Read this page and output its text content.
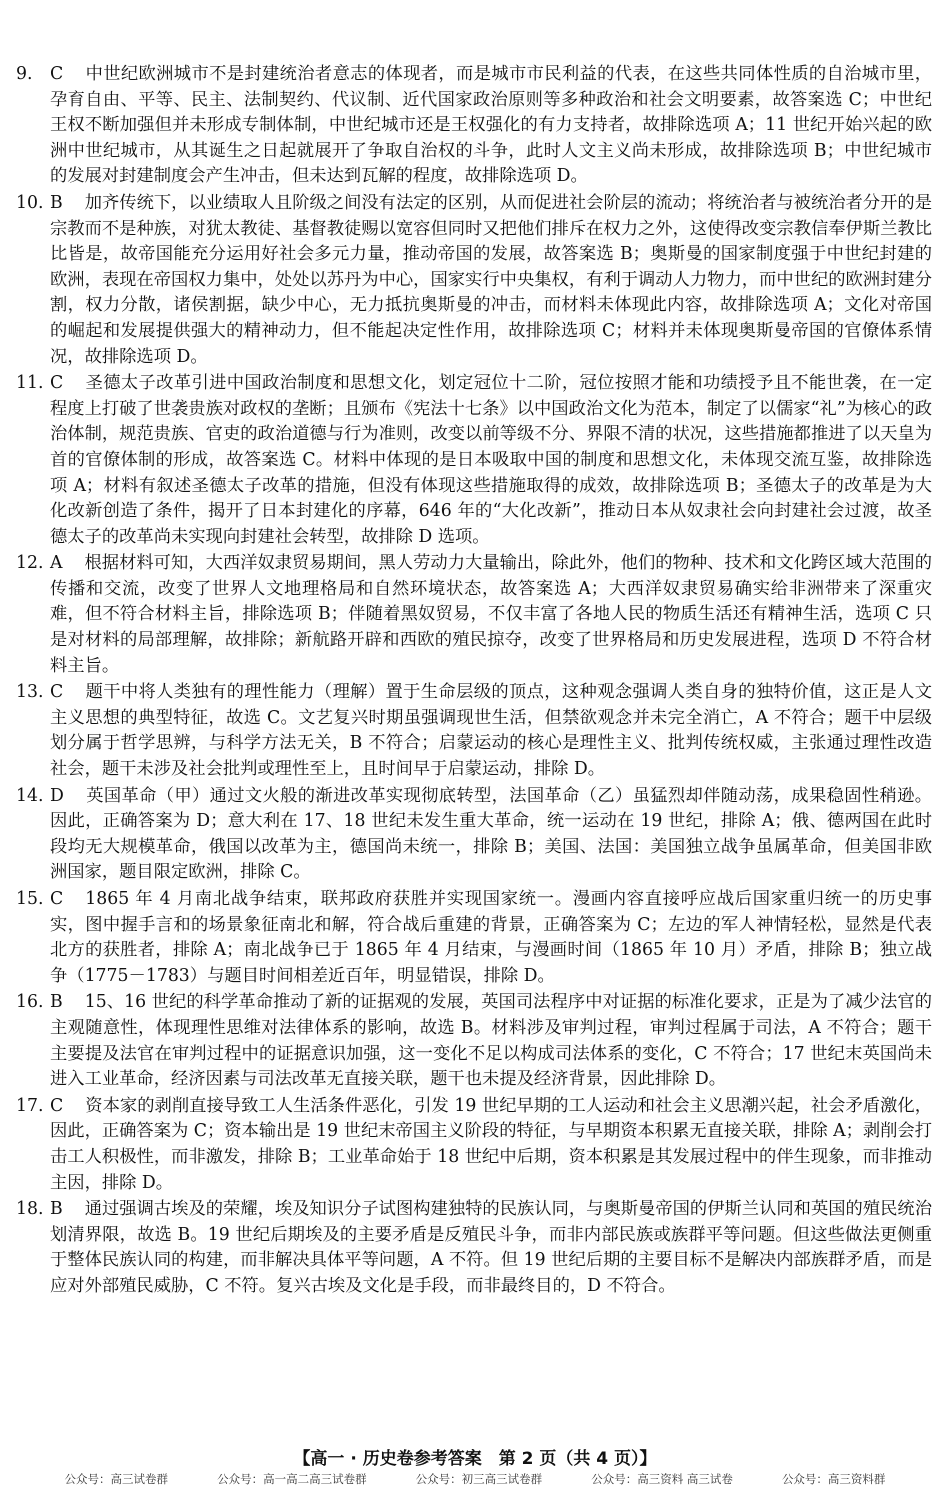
9.	C 中世纪欧洲城市不是封建统治者意志的体现者，而是城市市民利益的代表，在这些共同体性质的自治城市里，孕育自由、平等、民主、法制契约、代议制、近代国家政治原则等多种政治和社会文明要素，故答案选 C；中世纪王权不断加强但并未形成专制体制，中世纪城市还是王权强化的有力支持者，故排除选项 A；11 世纪开始兴起的欧洲中世纪城市，从其诞生之日起就展开了争取自治权的斗争，此时人文主义尚未形成，故排除选项 B；中世纪城市的发展对封建制度会产生冲击，但未达到瓦解的程度，故排除选项 D。
10. B 加齐传统下，以业绩取人且阶级之间没有法定的区别，从而促进社会阶层的流动；将统治者与被统治者分开的是宗教而不是种族，对犹太教徒、基督教徒赐以宽容但同时又把他们排斥在权力之外，这使得改变宗教信奉伊斯兰教比比皆是，故帝国能充分运用好社会多元力量，推动帝国的发展，故答案选 B；奥斯曼的国家制度强于中世纪封建的欧洲，表现在帝国权力集中，处处以苏丹为中心，国家实行中央集权，有利于调动人力物力，而中世纪的欧洲封建分割，权力分散，诸侯割据，缺少中心，无力抵抗奥斯曼的冲击，而材料未体现此内容，故排除选项 A；文化对帝国的崛起和发展提供强大的精神动力，但不能起决定性作用，故排除选项 C；材料并未体现奥斯曼帝国的官僚体系情况，故排除选项 D。
11. C 圣德太子改革引进中国政治制度和思想文化，划定冠位十二阶，冠位按照才能和功绩授予且不能世袭，在一定程度上打破了世袭贵族对政权的垄断；且颁布《宪法十七条》以中国政治文化为范本，制定了以儒家“礼”为核心的政治体制，规范贵族、官吏的政治道德与行为准则，改变以前等级不分、界限不清的状况，这些措施都推进了以天皇为首的官僚体制的形成，故答案选 C。材料中体现的是日本吸取中国的制度和思想文化，未体现交流互鉴，故排除选项 A；材料有叙述圣德太子改革的措施，但没有体现这些措施取得的成效，故排除选项 B；圣德太子的改革是为大化改新创造了条件，揭开了日本封建化的序幕，646 年的“大化改新”，推动日本从奴隶社会向封建社会过渡，故圣德太子的改革尚未实现向封建社会转型，故排除 D 选项。
12. A 根据材料可知，大西洋奴隶贸易期间，黑人劳动力大量输出，除此外，他们的物种、技术和文化跨区域大范围的传播和交流，改变了世界人文地理格局和自然环境状态，故答案选 A；大西洋奴隶贸易确实给非洲带来了深重灾难，但不符合材料主旨，排除选项 B；伴随着黑奴贸易，不仅丰富了各地人民的物质生活还有精神生活，选项 C 只是对材料的局部理解，故排除；新航路开辟和西欧的殖民掠夺，改变了世界格局和历史发展进程，选项 D 不符合材料主旨。
13. C 题干中将人类独有的理性能力（理解）置于生命层级的顶点，这种观念强调人类自身的独特价值，这正是人文主义思想的典型特征，故选 C。文艺复兴时期虽强调现世生活，但禁欲观念并未完全消亡，A 不符合；题干中层级划分属于哲学思辨，与科学方法无关，B 不符合；启蒙运动的核心是理性主义、批判传统权威，主张通过理性改造社会，题干未涉及社会批判或理性至上，且时间早于启蒙运动，排除 D。
14. D 英国革命（甲）通过文火般的渐进改革实现彻底转型，法国革命（乙）虽猛烈却伴随动荡，成果稳固性稍逊。因此，正确答案为 D；意大利在 17、18 世纪未发生重大革命，统一运动在 19 世纪，排除 A；俄、德两国在此时段均无大规模革命，俄国以改革为主，德国尚未统一，排除 B；美国、法国：美国独立战争虽属革命，但美国非欧洲国家，题目限定欧洲，排除 C。
15. C 1865 年 4 月南北战争结束，联邦政府获胜并实现国家统一。漫画内容直接呼应战后国家重归统一的历史事实，图中握手言和的场景象征南北和解，符合战后重建的背景，正确答案为 C；左边的军人神情轻松，显然是代表北方的获胜者，排除 A；南北战争已于 1865 年 4 月结束，与漫画时间（1865 年 10 月）矛盾，排除 B；独立战争（1775－1783）与题目时间相差近百年，明显错误，排除 D。
16. B 15、16 世纪的科学革命推动了新的证据观的发展，英国司法程序中对证据的标准化要求，正是为了减少法官的主观随意性，体现理性思维对法律体系的影响，故选 B。材料涉及审判过程，审判过程属于司法，A 不符合；题干主要提及法官在审判过程中的证据意识加强，这一变化不足以构成司法体系的变化，C 不符合；17 世纪末英国尚未进入工业革命，经济因素与司法改革无直接关联，题干也未提及经济背景，因此排除 D。
17. C 资本家的剥削直接导致工人生活条件恶化，引发 19 世纪早期的工人运动和社会主义思潮兴起，社会矛盾激化，因此，正确答案为 C；资本输出是 19 世纪末帝国主义阶段的特征，与早期资本积累无直接关联，排除 A；剥削会打击工人积极性，而非激发，排除 B；工业革命始于 18 世纪中后期，资本积累是其发展过程中的伴生现象，而非推动主因，排除 D。
18. B 通过强调古埃及的荣耀，埃及知识分子试图构建独特的民族认同，与奥斯曼帝国的伊斯兰认同和英国的殖民统治划清界限，故选 B。19 世纪后期埃及的主要矛盾是反殖民斗争，而非内部民族或族群平等问题。但这些做法更侧重于整体民族认同的构建，而非解决具体平等问题，A 不符。但 19 世纪后期的主要目标不是解决内部族群矛盾，而是应对外部殖民威胁，C 不符。复兴古埃及文化是手段，而非最终目的，D 不符合。
【高一 · 历史卷参考答案　第 2 页（共 4 页）】
公众号：高三试卷群	公众号：高一高二高三试卷群	公众号：初三高三试卷群	公众号：高三资料 高三试卷	公众号：高三资料群
